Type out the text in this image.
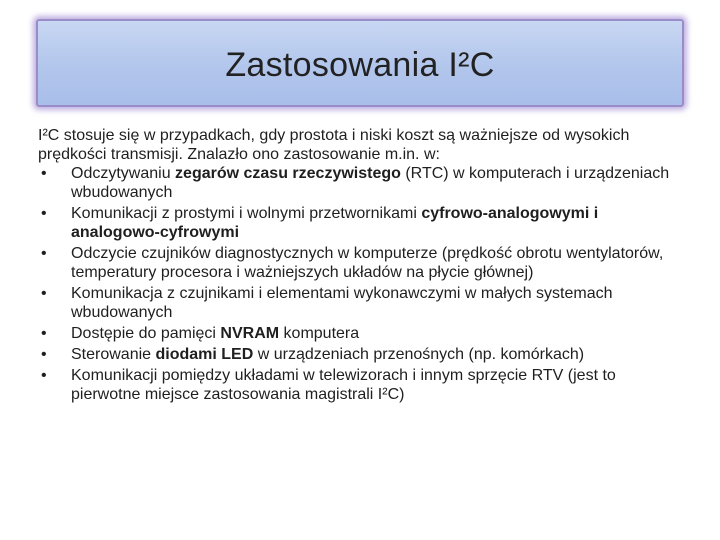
Zastosowania I²C

I²C stosuje się w przypadkach, gdy prostota i niski koszt są ważniejsze od wysokich prędkości transmisji. Znalazło ono zastosowanie m.in. w:

• Odczytywaniu zegarów czasu rzeczywistego (RTC) w komputerach i urządzeniach wbudowanych
• Komunikacji z prostymi i wolnymi przetwornikami cyfrowo-analogowymi i analogowo-cyfrowymi
• Odczycie czujników diagnostycznych w komputerze (prędkość obrotu wentylatorów, temperatury procesora i ważniejszych układów na płycie głównej)
• Komunikacja z czujnikami i elementami wykonawczymi w małych systemach wbudowanych
• Dostępie do pamięci NVRAM komputera
• Sterowanie diodami LED w urządzeniach przenośnych (np. komórkach)
• Komunikacji pomiędzy układami w telewizorach i innym sprzęcie RTV (jest to pierwotne miejsce zastosowania magistrali I²C)
